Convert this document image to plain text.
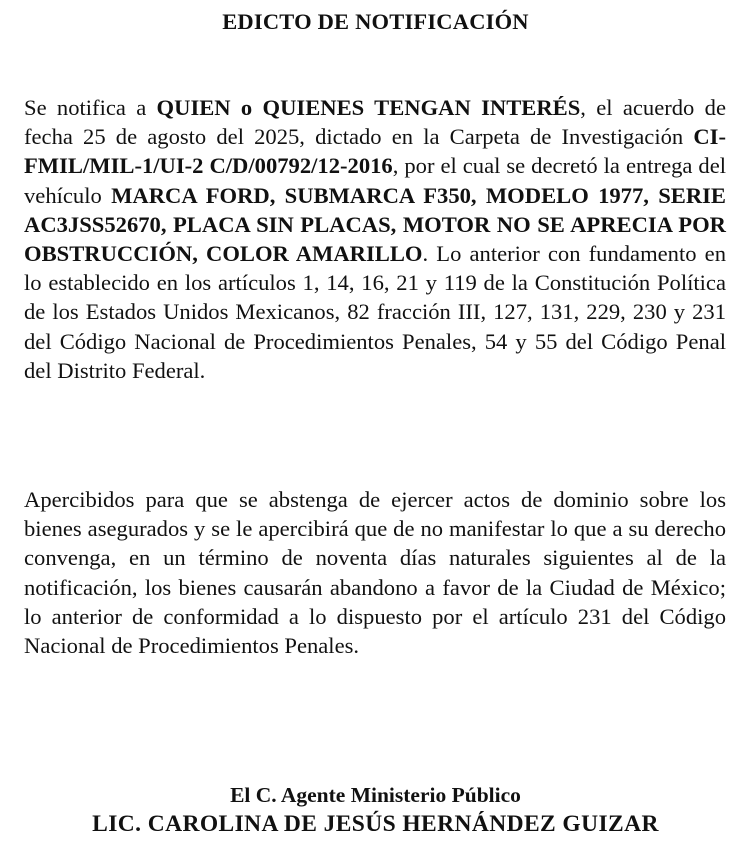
EDICTO DE NOTIFICACIÓN

Se notifica a QUIEN o QUIENES TENGAN INTERÉS, el acuerdo de fecha 25 de agosto del 2025, dictado en la Carpeta de Investigación CI-FMIL/MIL-1/UI-2 C/D/00792/12-2016, por el cual se decretó la entrega del vehículo MARCA FORD, SUBMARCA F350, MODELO 1977, SERIE AC3JSS52670, PLACA SIN PLACAS, MOTOR NO SE APRECIA POR OBSTRUCCIÓN, COLOR AMARILLO. Lo anterior con fundamento en lo establecido en los artículos 1, 14, 16, 21 y 119 de la Constitución Política de los Estados Unidos Mexicanos, 82 fracción III, 127, 131, 229, 230 y 231 del Código Nacional de Procedimientos Penales, 54 y 55 del Código Penal del Distrito Federal.

Apercibidos para que se abstenga de ejercer actos de dominio sobre los bienes asegurados y se le apercibirá que de no manifestar lo que a su derecho convenga, en un término de noventa días naturales siguientes al de la notificación, los bienes causarán abandono a favor de la Ciudad de México; lo anterior de conformidad a lo dispuesto por el artículo 231 del Código Nacional de Procedimientos Penales.

El C. Agente Ministerio Público
LIC. CAROLINA DE JESÚS HERNÁNDEZ GUIZAR
